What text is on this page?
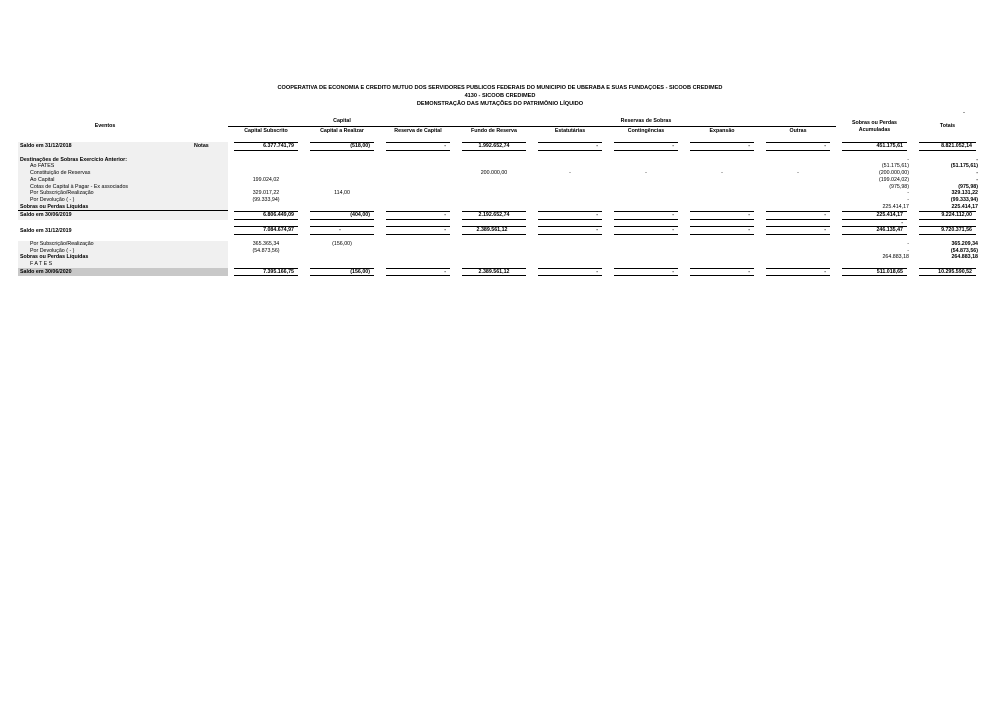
COOPERATIVA DE ECONOMIA E CREDITO MUTUO DOS SERVIDORES PUBLICOS FEDERAIS DO MUNICIPIO DE UBERABA E SUAS FUNDAÇOES - SICOOB CREDIMED
4130 - SICOOB CREDIMED
DEMONSTRAÇÃO DAS MUTAÇÕES DO PATRIMÔNIO LÍQUIDO
-
Eventos		Capital			Reservas de Sobras					Sobras ou Perdas
Acumuladas	Totais
		Capital Subscrito	Capital a Realizar	Reserva de Capital	Fundo de Reserva	Estatutárias	Contingências	Expansão	Outras		

Saldo em 31/12/2018	Notas	6.377.741,79	(518,00)	-	1.992.652,74	-	-	-	-	451.175,61	8.821.052,14

Destinações de Sobras Exercício Anterior:										-	-
Ao FATES										(51.175,61)	(51.175,61)
Constituição de Reservas					200.000,00	-	-	-	-	(200.000,00)	-
Ao Capital		199.024,02								(199.024,02)	-
Cotas de Capital à Pagar - Ex associados										(975,98)	(975,98)
Por Subscrição/Realização		329.017,22	114,00							-	329.131,22
Por Devolução ( - )		(99.333,94)								-	(99.333,94)
Sobras ou Perdas Líquidas										225.414,17	225.414,17
Saldo em 30/06/2019		6.806.449,09	(404,00)	-	2.192.652,74	-	-	-	-	225.414,17	9.224.112,00

										-	

Saldo em 31/12/2019		7.084.674,97	-	-	2.389.561,12	-	-	-	-	246.135,47	9.720.371,56

Por Subscrição/Realização		365.365,34	(156,00)							-	365.209,34
Por Devolução ( - )		(54.873,56)								-	(54.873,56)
Sobras ou Perdas Líquidas										264.883,18	264.883,18
F A T E S											
Saldo em 30/06/2020		7.395.166,75	(156,00)	-	2.389.561,12	-	-	-	-	511.018,65	10.295.590,52
